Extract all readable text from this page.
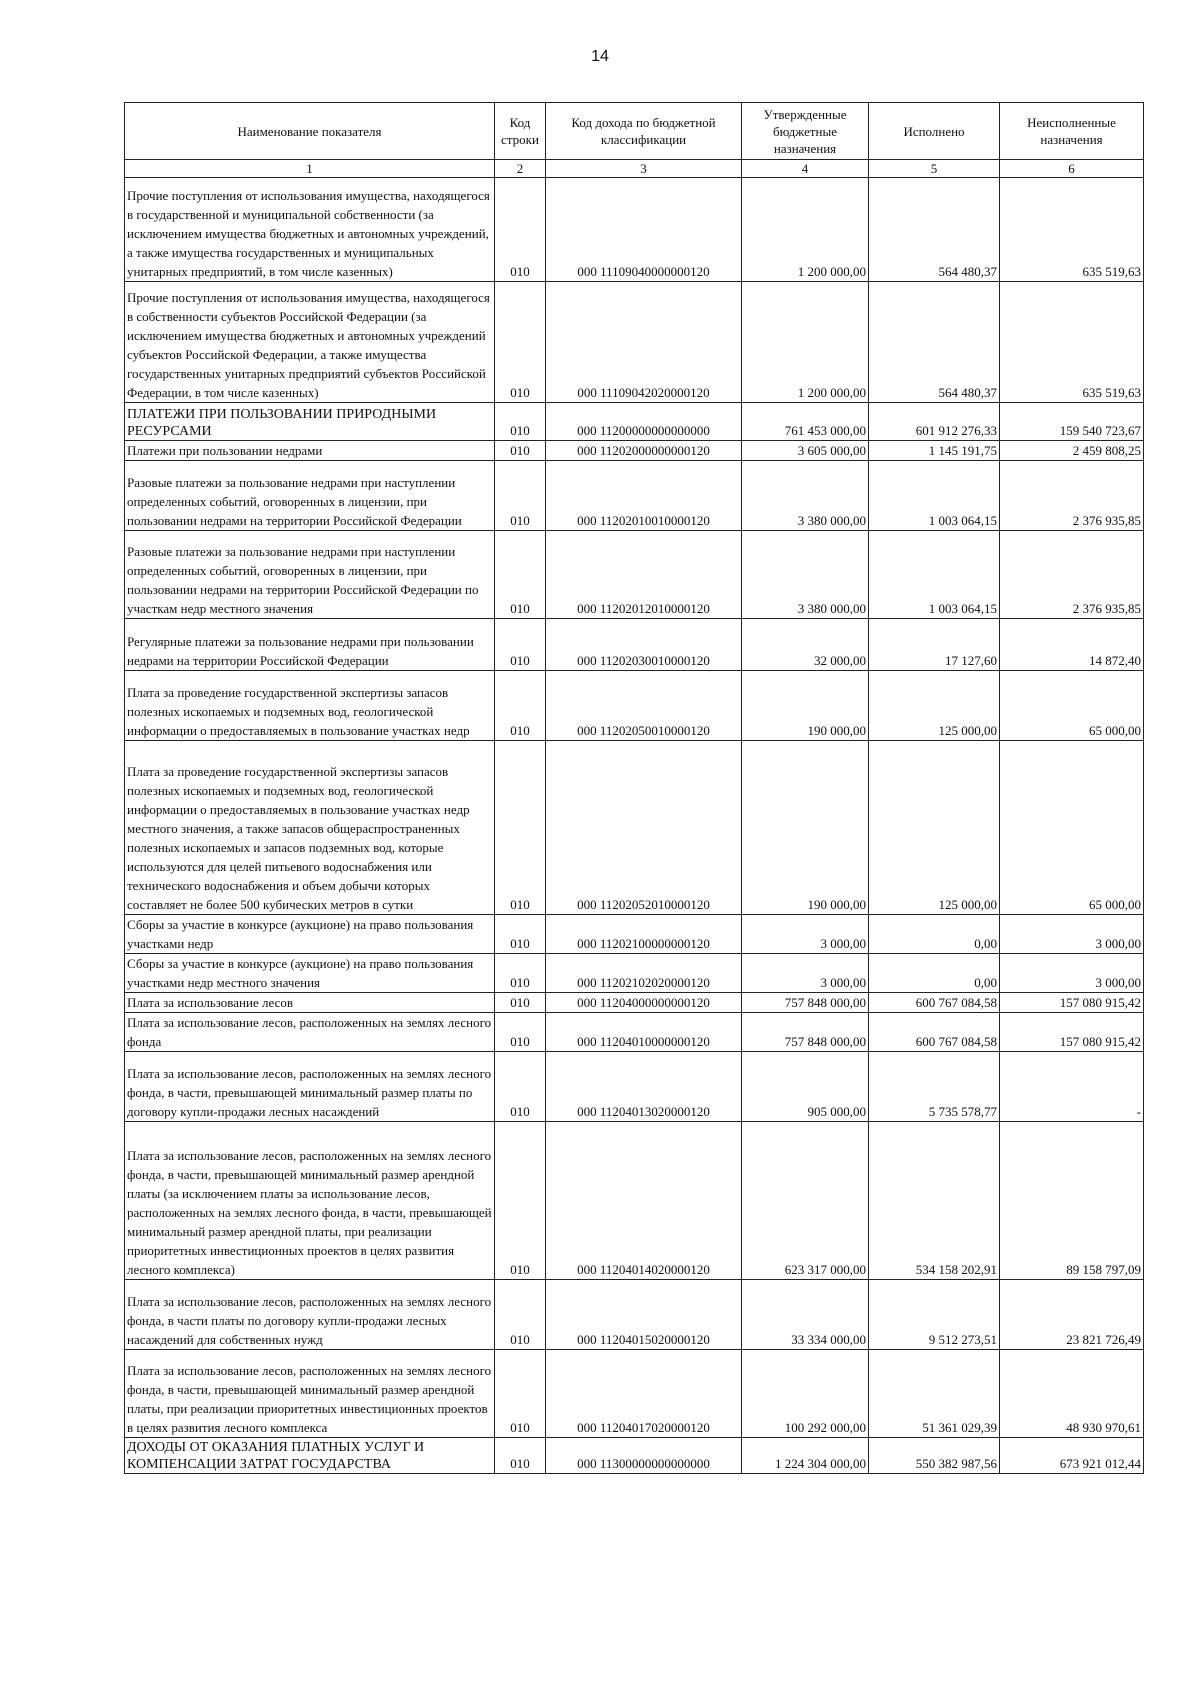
14
Наименование показателя	Код строки	Код дохода по бюджетной классификации	Утвержденные бюджетные назначения	Исполнено	Неисполненные назначения
1	2	3	4	5	6
Прочие поступления от использования имущества, находящегося в государственной и муниципальной собственности (за исключением имущества бюджетных и автономных учреждений, а также имущества государственных и муниципальных унитарных предприятий, в том числе казенных)	010	000 11109040000000120	1 200 000,00	564 480,37	635 519,63
Прочие поступления от использования имущества, находящегося в собственности субъектов Российской Федерации (за исключением имущества бюджетных и автономных учреждений субъектов Российской Федерации, а также имущества государственных унитарных предприятий субъектов Российской Федерации, в том числе казенных)	010	000 11109042020000120	1 200 000,00	564 480,37	635 519,63
ПЛАТЕЖИ ПРИ ПОЛЬЗОВАНИИ ПРИРОДНЫМИ РЕСУРСАМИ	010	000 11200000000000000	761 453 000,00	601 912 276,33	159 540 723,67
Платежи при пользовании недрами	010	000 11202000000000120	3 605 000,00	1 145 191,75	2 459 808,25
Разовые платежи за пользование недрами при наступлении определенных событий, оговоренных в лицензии, при пользовании недрами на территории Российской Федерации	010	000 11202010010000120	3 380 000,00	1 003 064,15	2 376 935,85
Разовые платежи за пользование недрами при наступлении определенных событий, оговоренных в лицензии, при пользовании недрами на территории Российской Федерации по участкам недр местного значения	010	000 11202012010000120	3 380 000,00	1 003 064,15	2 376 935,85
Регулярные платежи за пользование недрами при пользовании недрами на территории Российской Федерации	010	000 11202030010000120	32 000,00	17 127,60	14 872,40
Плата за проведение государственной экспертизы запасов полезных ископаемых и подземных вод, геологической информации о предоставляемых в пользование участках недр	010	000 11202050010000120	190 000,00	125 000,00	65 000,00
Плата за проведение государственной экспертизы запасов полезных ископаемых и подземных вод, геологической информации о предоставляемых в пользование участках недр местного значения, а также запасов общераспространенных полезных ископаемых и запасов подземных вод, которые используются для целей питьевого водоснабжения или технического водоснабжения и объем добычи которых составляет не более 500 кубических метров в сутки	010	000 11202052010000120	190 000,00	125 000,00	65 000,00
Сборы за участие в конкурсе (аукционе) на право пользования участками недр	010	000 11202100000000120	3 000,00	0,00	3 000,00
Сборы за участие в конкурсе (аукционе) на право пользования участками недр местного значения	010	000 11202102020000120	3 000,00	0,00	3 000,00
Плата за использование лесов	010	000 11204000000000120	757 848 000,00	600 767 084,58	157 080 915,42
Плата за использование лесов, расположенных на землях лесного фонда	010	000 11204010000000120	757 848 000,00	600 767 084,58	157 080 915,42
Плата за использование лесов, расположенных на землях лесного фонда, в части, превышающей минимальный размер платы по договору купли-продажи лесных насаждений	010	000 11204013020000120	905 000,00	5 735 578,77	-
Плата за использование лесов, расположенных на землях лесного фонда, в части, превышающей минимальный размер арендной платы (за исключением платы за использование лесов, расположенных на землях лесного фонда, в части, превышающей минимальный размер арендной платы, при реализации приоритетных инвестиционных проектов в целях развития лесного комплекса)	010	000 11204014020000120	623 317 000,00	534 158 202,91	89 158 797,09
Плата за использование лесов, расположенных на землях лесного фонда, в части платы по договору купли-продажи лесных насаждений для собственных нужд	010	000 11204015020000120	33 334 000,00	9 512 273,51	23 821 726,49
Плата за использование лесов, расположенных на землях лесного фонда, в части, превышающей минимальный размер арендной платы, при реализации приоритетных инвестиционных проектов в целях развития лесного комплекса	010	000 11204017020000120	100 292 000,00	51 361 029,39	48 930 970,61
ДОХОДЫ ОТ ОКАЗАНИЯ ПЛАТНЫХ УСЛУГ И КОМПЕНСАЦИИ ЗАТРАТ ГОСУДАРСТВА	010	000 11300000000000000	1 224 304 000,00	550 382 987,56	673 921 012,44
